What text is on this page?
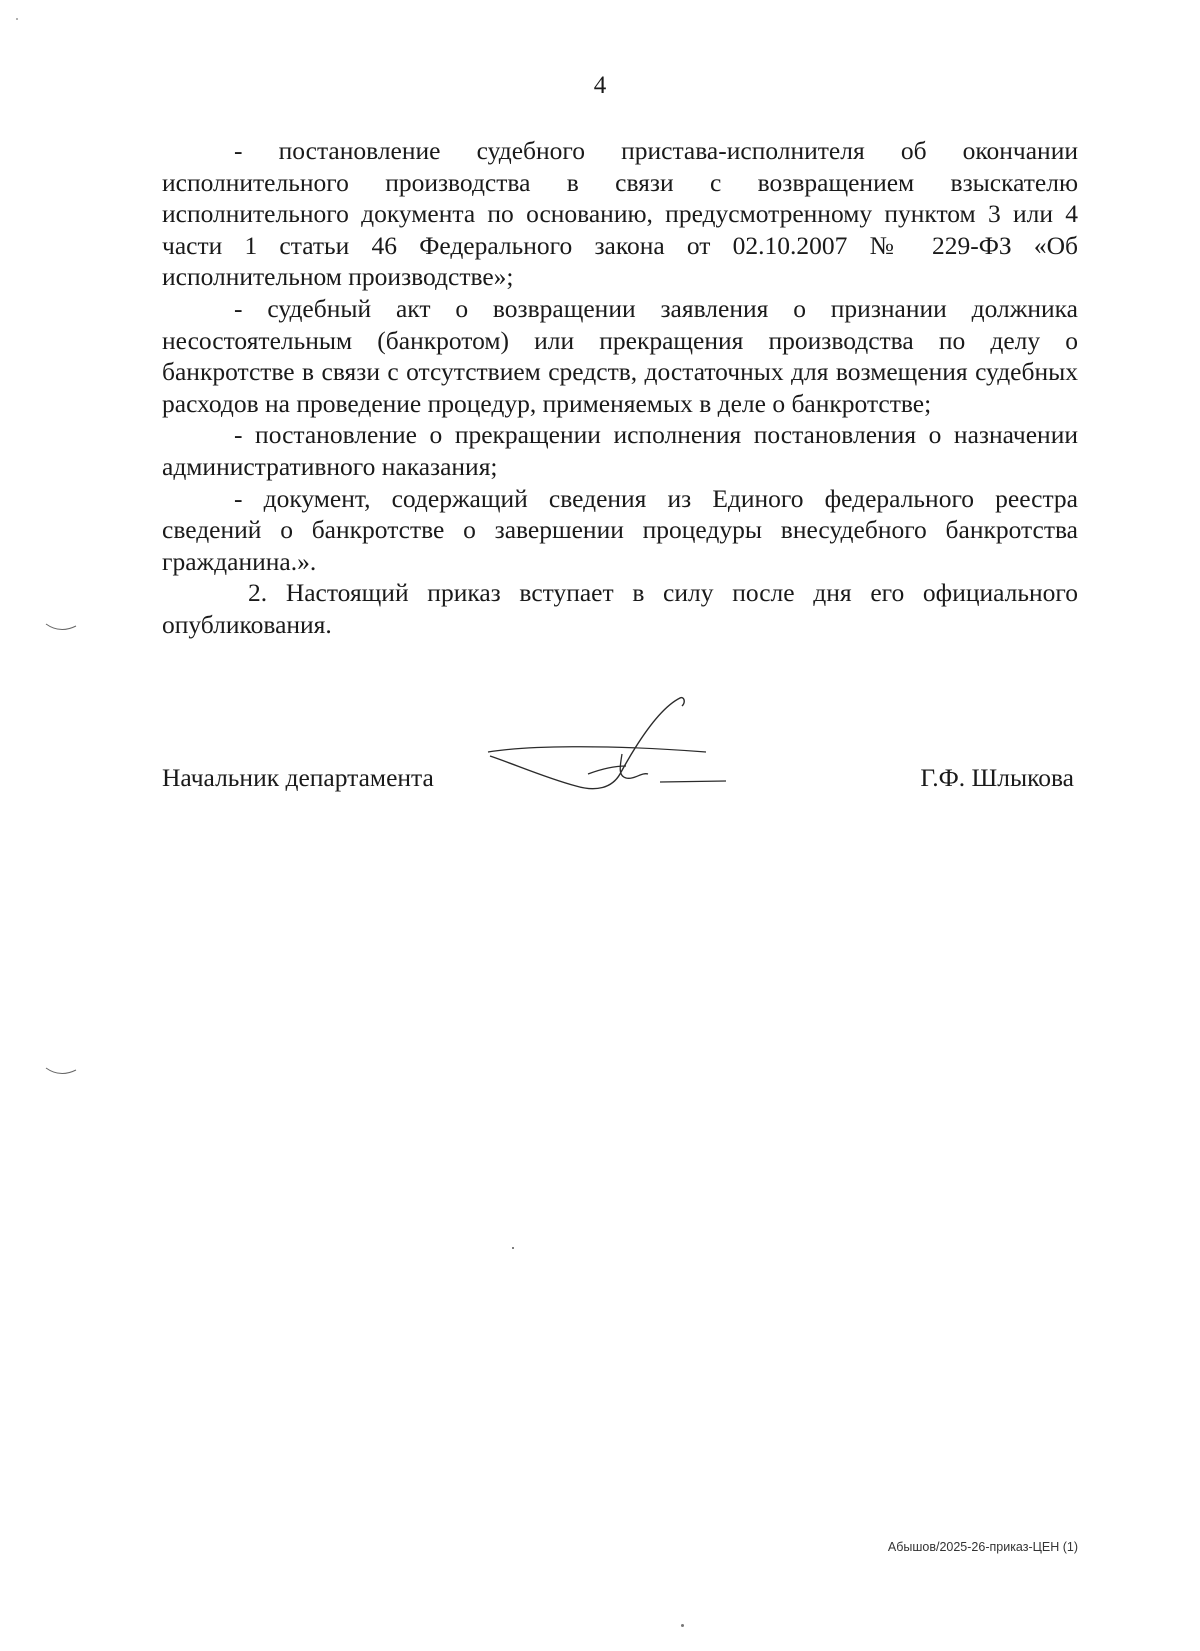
4

- постановление судебного пристава-исполнителя об окончании исполнительного производства в связи с возвращением взыскателю исполнительного документа по основанию, предусмотренному пунктом 3 или 4 части 1 статьи 46 Федерального закона от 02.10.2007 № 229-ФЗ «Об исполнительном производстве»;

- судебный акт о возвращении заявления о признании должника несостоятельным (банкротом) или прекращения производства по делу о банкротстве в связи с отсутствием средств, достаточных для возмещения судебных расходов на проведение процедур, применяемых в деле о банкротстве;

- постановление о прекращении исполнения постановления о назначении административного наказания;

- документ, содержащий сведения из Единого федерального реестра сведений о банкротстве о завершении процедуры внесудебного банкротства гражданина.».

2. Настоящий приказ вступает в силу после дня его официального опубликования.

Начальник департамента	Г.Ф. Шлыкова
Абышов/2025-26-приказ-ЦЕН (1)
